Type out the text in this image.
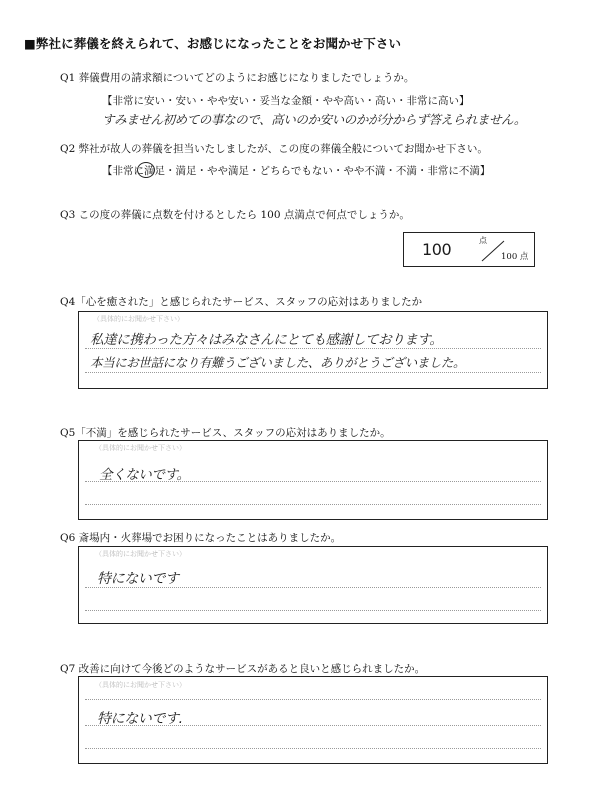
■弊社に葬儀を終えられて、お感じになったことをお聞かせ下さい
Q1 葬儀費用の請求額についてどのようにお感じになりましたでしょうか。
【非常に安い・安い・やや安い・妥当な金額・やや高い・高い・非常に高い】
すみません初めての事なので、高いのか安いのかが分からず答えられません。
Q2 弊社が故人の葬儀を担当いたしましたが、この度の葬儀全般についてお聞かせ下さい。
【非常に満足・満足・やや満足・どちらでもない・やや不満・不満・非常に不満】
Q3 この度の葬儀に点数を付けるとしたら 100 点満点で何点でしょうか。
100	点
100 点
Q4「心を癒された」と感じられたサービス、スタッフの応対はありましたか
（具体的にお聞かせ下さい）
私達に携わった方々はみなさんにとても感謝しております。
本当にお世話になり有難うございました、ありがとうございました。
Q5「不満」を感じられたサービス、スタッフの応対はありましたか。
（具体的にお聞かせ下さい）
全くないです。
Q6 斎場内・火葬場でお困りになったことはありましたか。
（具体的にお聞かせ下さい）
特にないです
Q7 改善に向けて今後どのようなサービスがあると良いと感じられましたか。
（具体的にお聞かせ下さい）
特にないです.
